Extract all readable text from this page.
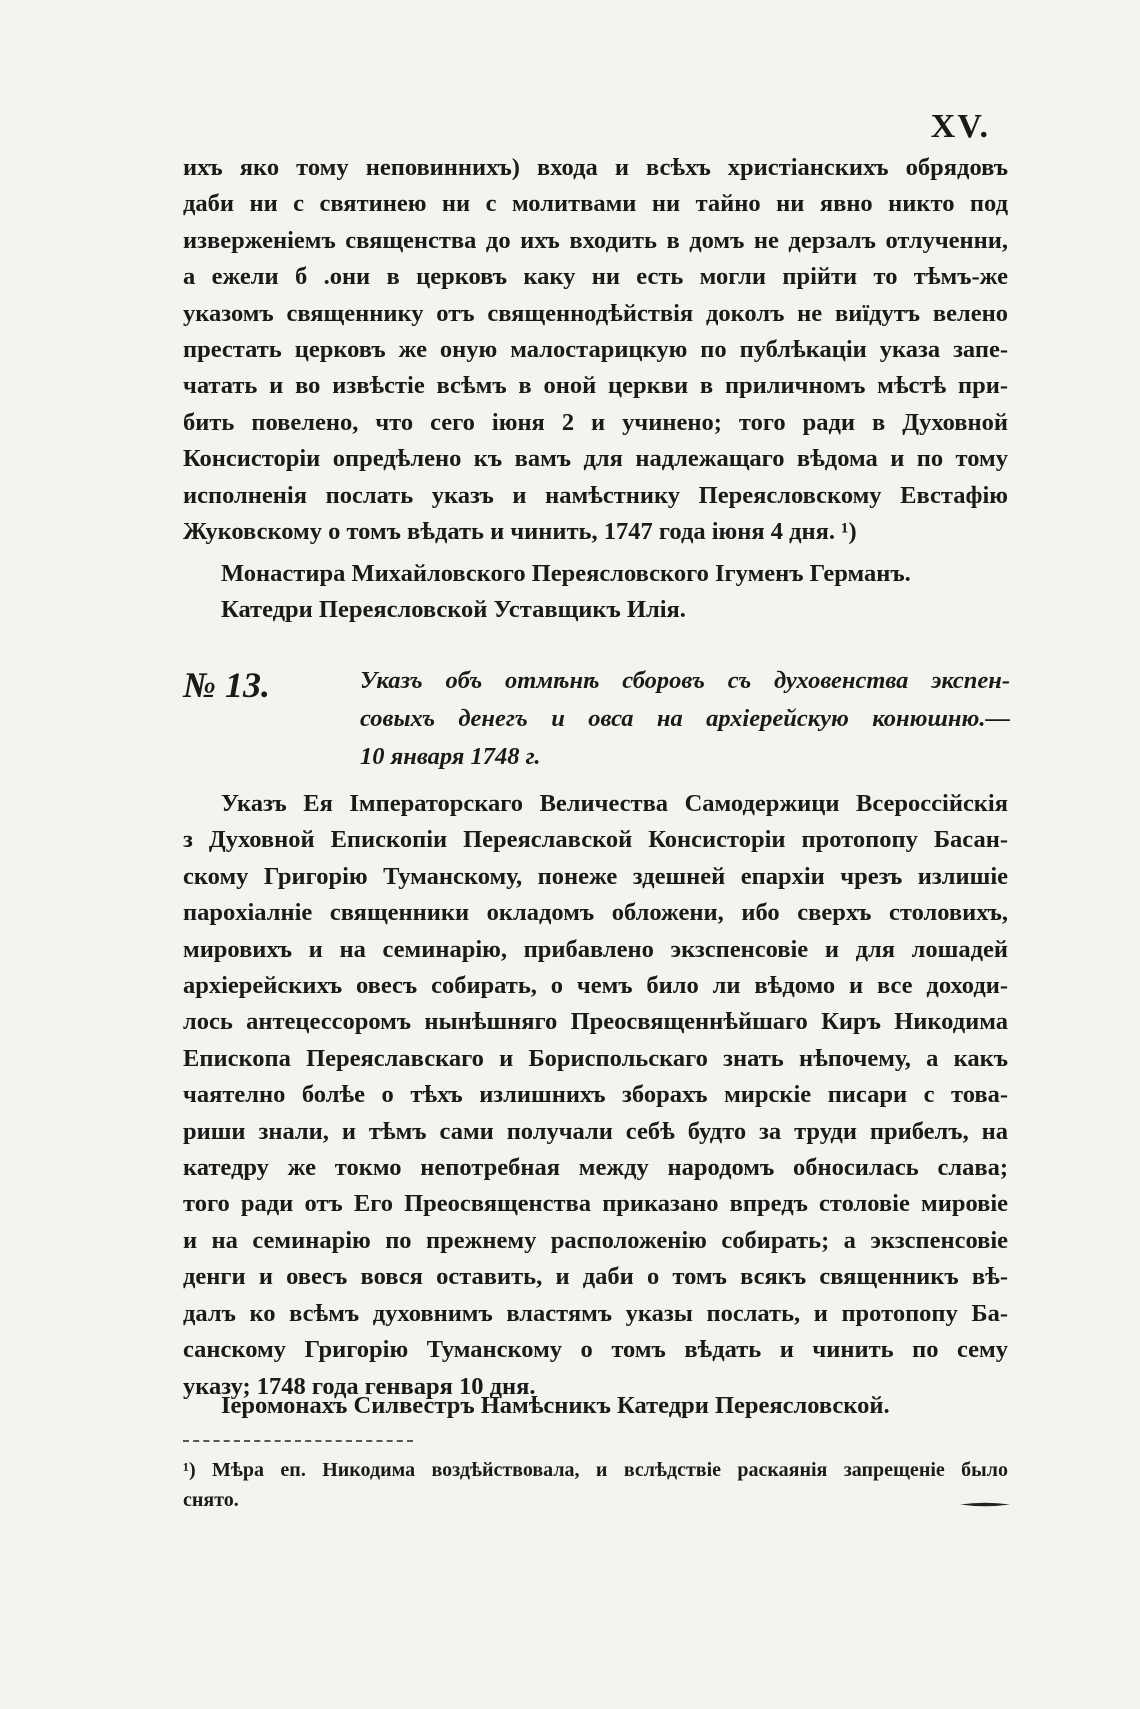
XV.
ихъ яко тому неповиннихъ) входа и всѣхъ христіанскихъ обрядовъ
даби ни с святинею ни с молитвами ни тайно ни явно никто под
изверженіемъ священства до ихъ входить в домъ не дерзалъ отлученни,
а ежели б .они в церковъ каку ни есть могли прійти то тѣмъ-же
указомъ священнику отъ священнодѣйствія доколъ не виїдутъ велено
престать церковъ же оную малостарицкую по публѣкаціи указа запе-
чатать и во извѣстіе всѣмъ в оной церкви в приличномъ мѣстѣ при-
бить повелено, что сего іюня 2 и учинено; того ради в Духовной
Консисторіи опредѣлено къ вамъ для надлежащаго вѣдома и по тому
исполненія послать указъ и намѣстнику Переясловскому Евстафію
Жуковскому о томъ вѣдать и чинить, 1747 года іюня 4 дня. ¹)
Монастира Михайловского Переясловского Ігуменъ Германъ.
Катедри Переясловской Уставщикъ Илія.
№ 13.	Указъ объ отмѣнѣ сборовъ съ духовенства экспен-
совыхъ денегъ и овса на архіерейскую конюшню.—
10 января 1748 г.
Указъ Ея Імператорскаго Величества Самодержици Всероссійскія
з Духовной Епископіи Переяславской Консисторіи протопопу Басан-
скому Григорію Туманскому, понеже здешней епархіи чрезъ излишіе
пароxіалніе священники окладомъ обложени, ибо сверхъ столовихъ,
мировихъ и на семинарію, прибавлено экзспенсовіе и для лошадей
архіерейскихъ овесъ собирать, о чемъ било ли вѣдомо и все доходи-
лось антецессоромъ нынѣшняго Преосвященнѣйшаго Киръ Никодима
Епископа Переяславскаго и Бориспольскаго знать нѣпочему, а какъ
чаятелно болѣе о тѣхъ излишнихъ зборахъ мирскіе писари с това-
риши знали, и тѣмъ сами получали себѣ будто за труди прибелъ, на
катедру же токмо непотребная между народомъ обносилась слава;
того ради отъ Его Преосвященства приказано впредъ столовіе мировіе
и на семинарію по прежнему расположенію собирать; а экзспенсовіе
денги и овесъ вовся оставить, и даби о томъ всякъ священникъ вѣ-
далъ ко всѣмъ духовнимъ властямъ указы послать, и протопопу Ба-
санскому Григорію Туманскому о томъ вѣдать и чинить по сему
указу; 1748 года генваря 10 дня.
Іеромонахъ Силвестръ Намѣсникъ Катедри Переясловской.
¹) Мѣра еп. Никодима воздѣйствовала, и вслѣдствіе раскаянія запрещеніе было
снято.
